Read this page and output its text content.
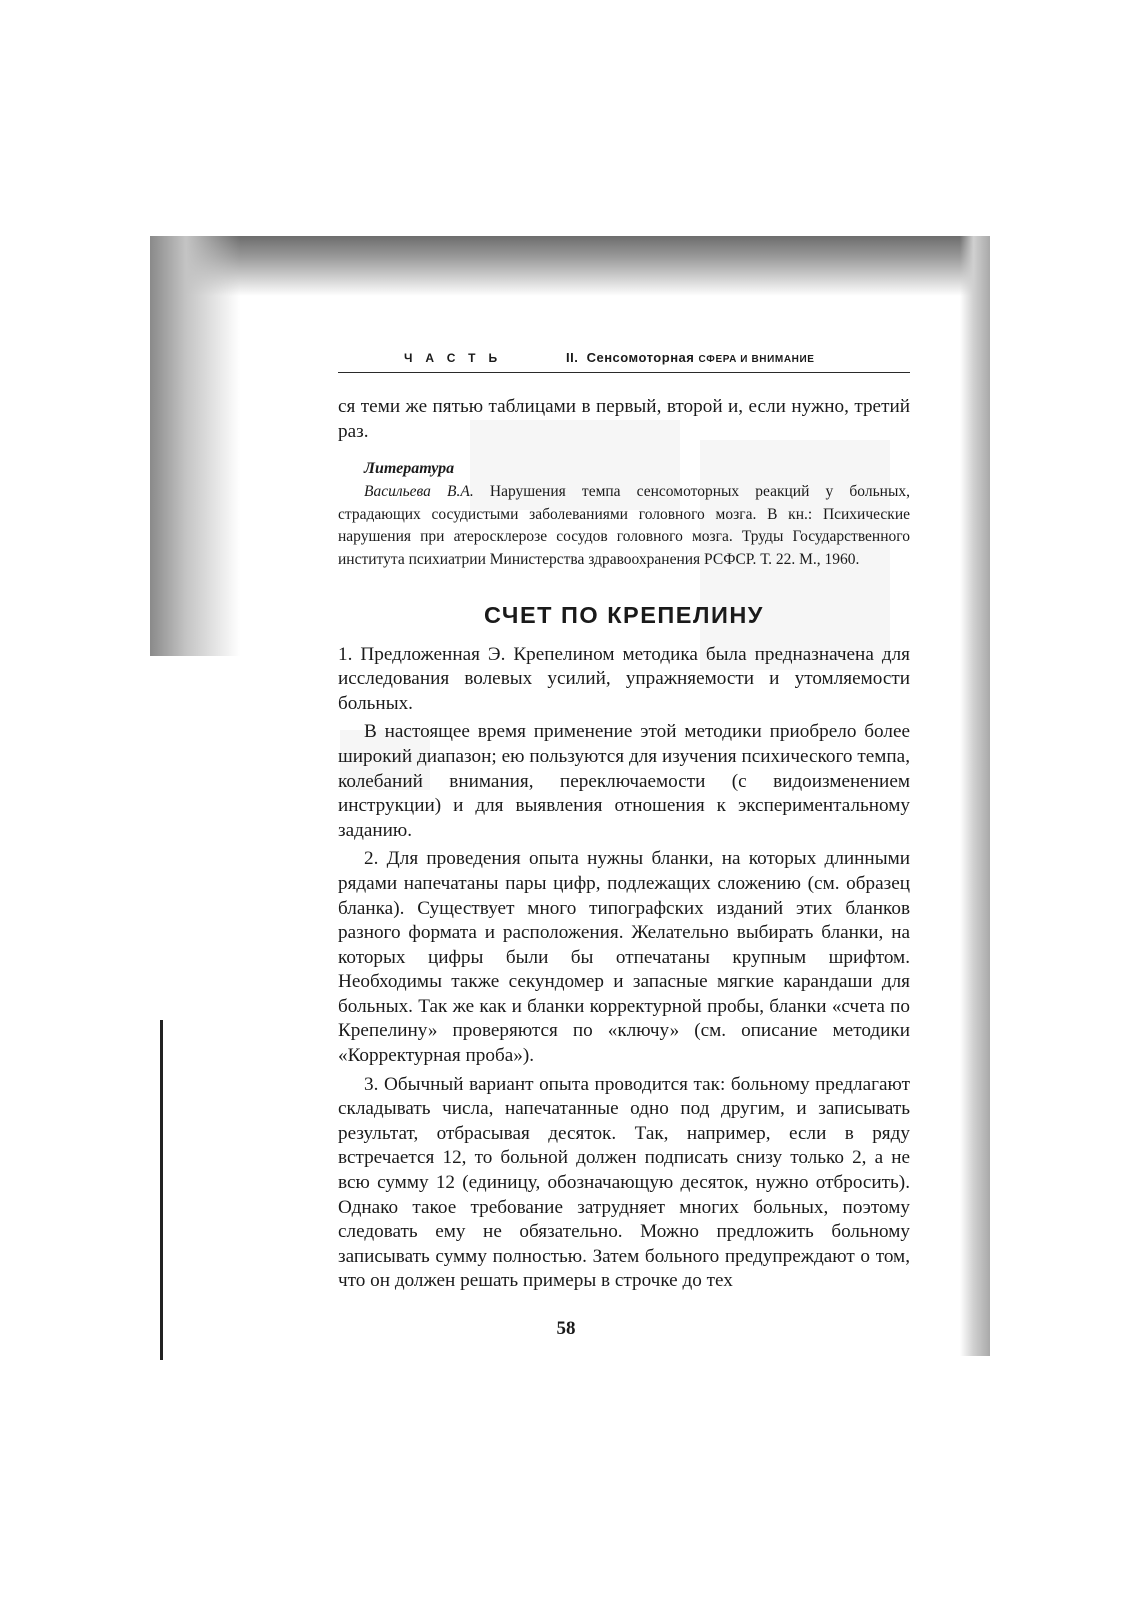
ЧАСТЬ	II. Сенсомоторная СФЕРА И ВНИМАНИЕ

ся теми же пятью таблицами в первый, второй и, если нужно, третий раз.

Литература

Васильева В.А. Нарушения темпа сенсомоторных реакций у больных, страдающих сосудистыми заболеваниями головного мозга. В кн.: Психические нарушения при атеросклерозе сосудов головного мозга. Труды Государственного института психиатрии Министерства здравоохранения РСФСР. Т. 22. М., 1960.

СЧЕТ ПО КРЕПЕЛИНУ

1. Предложенная Э. Крепелином методика была предназначена для исследования волевых усилий, упражняемости и утомляемости больных.

В настоящее время применение этой методики приобрело более широкий диапазон; ею пользуются для изучения психического темпа, колебаний внимания, переключаемости (с видоизменением инструкции) и для выявления отношения к экспериментальному заданию.

2. Для проведения опыта нужны бланки, на которых длинными рядами напечатаны пары цифр, подлежащих сложению (см. образец бланка). Существует много типографских изданий этих бланков разного формата и расположения. Желательно выбирать бланки, на которых цифры были бы отпечатаны крупным шрифтом. Необходимы также секундомер и запасные мягкие карандаши для больных. Так же как и бланки корректурной пробы, бланки «счета по Крепелину» проверяются по «ключу» (см. описание методики «Корректурная проба»).

3. Обычный вариант опыта проводится так: больному предлагают складывать числа, напечатанные одно под другим, и записывать результат, отбрасывая десяток. Так, например, если в ряду встречается 12, то больной должен подписать снизу только 2, а не всю сумму 12 (единицу, обозначающую десяток, нужно отбросить). Однако такое требование затрудняет многих больных, поэтому следовать ему не обязательно. Можно предложить больному записывать сумму полностью. Затем больного предупреждают о том, что он должен решать примеры в строчке до тех

58
